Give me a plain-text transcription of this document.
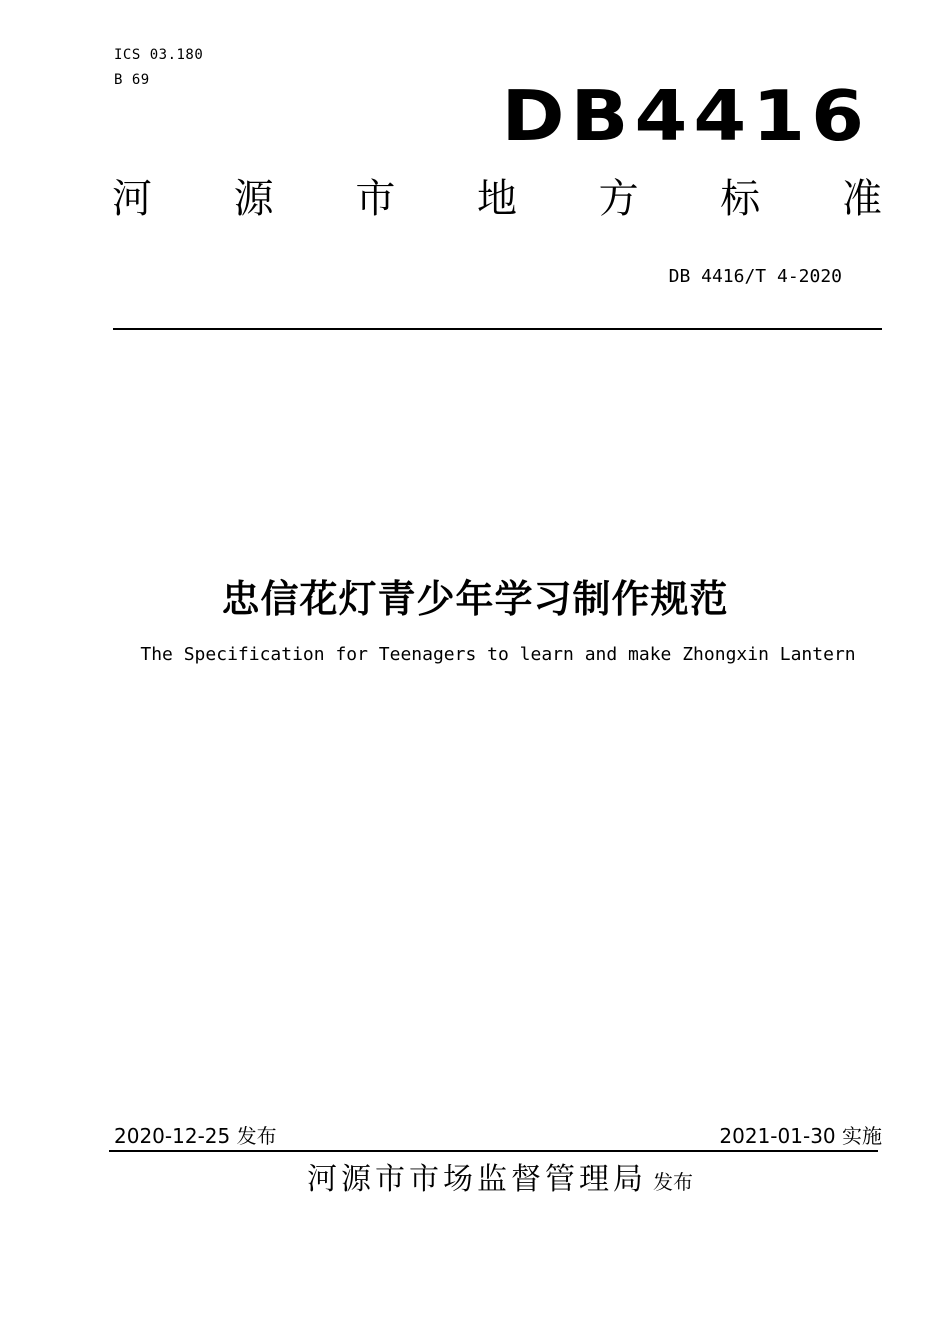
ICS 03.180
B 69	DB4416
河 源 市 地 方 标 准
DB 4416/T 4-2020
忠信花灯青少年学习制作规范
The Specification for Teenagers to learn and make Zhongxin Lantern
2020-12-25 发布	2021-01-30 实施
河源市市场监督管理局 发布
